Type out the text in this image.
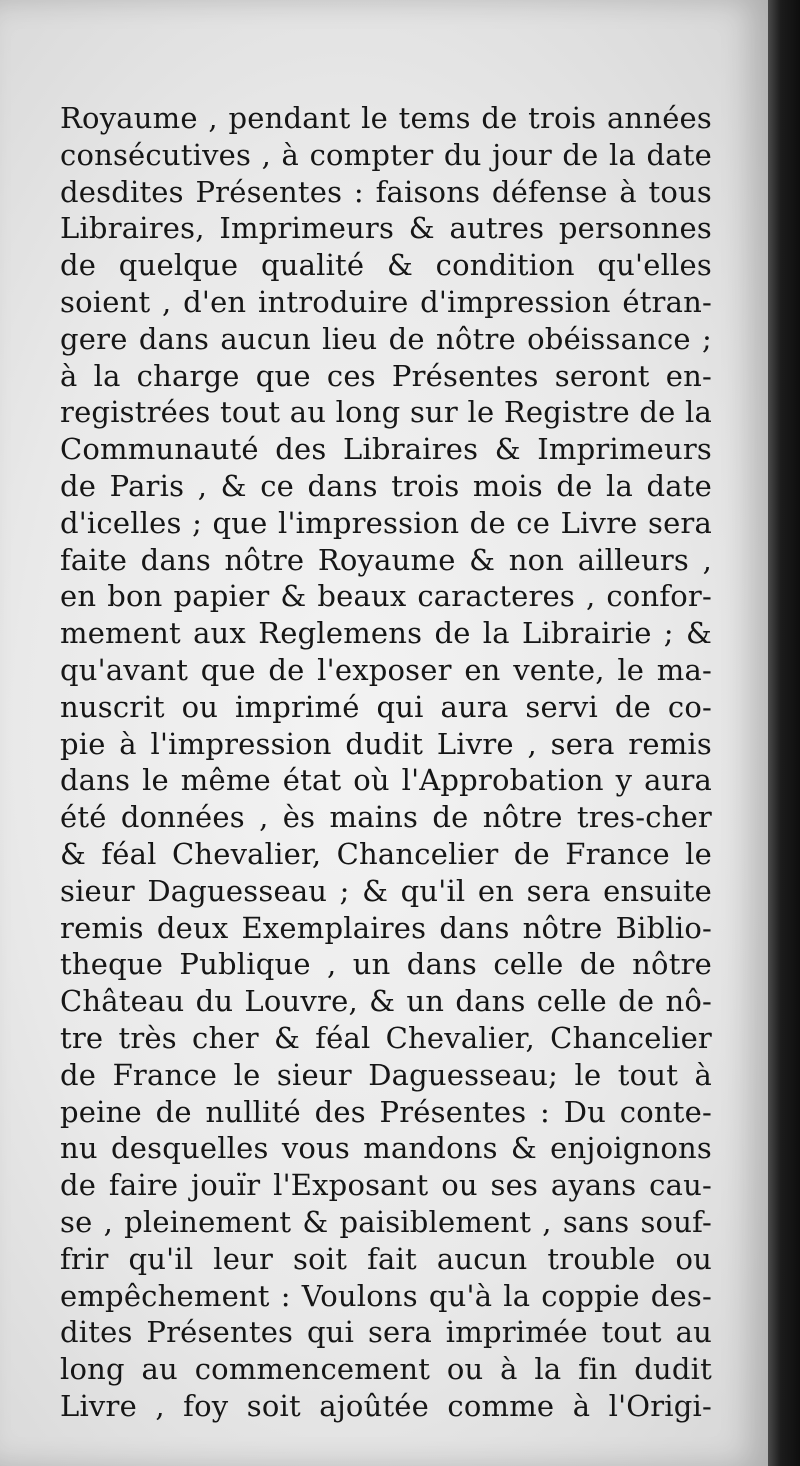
Royaume , pendant le tems de trois années
consécutives , à compter du jour de la date
desdites Présentes : faisons défense à tous
Libraires, Imprimeurs & autres personnes
de quelque qualité & condition qu'elles
soient , d'en introduire d'impression étran-
gere dans aucun lieu de nôtre obéissance ;
à la charge que ces Présentes seront en-
registrées tout au long sur le Registre de la
Communauté des Libraires & Imprimeurs
de Paris , & ce dans trois mois de la date
d'icelles ; que l'impression de ce Livre sera
faite dans nôtre Royaume & non ailleurs ,
en bon papier & beaux caracteres , confor-
mement aux Reglemens de la Librairie ; &
qu'avant que de l'exposer en vente, le ma-
nuscrit ou imprimé qui aura servi de co-
pie à l'impression dudit Livre , sera remis
dans le même état où l'Approbation y aura
été données , ès mains de nôtre tres-cher
& féal Chevalier, Chancelier de France le
sieur Daguesseau ; & qu'il en sera ensuite
remis deux Exemplaires dans nôtre Biblio-
theque Publique , un dans celle de nôtre
Château du Louvre, & un dans celle de nô-
tre très cher & féal Chevalier, Chancelier
de France le sieur Daguesseau; le tout à
peine de nullité des Présentes : Du conte-
nu desquelles vous mandons & enjoignons
de faire jouïr l'Exposant ou ses ayans cau-
se , pleinement & paisiblement , sans souf-
frir qu'il leur soit fait aucun trouble ou
empêchement : Voulons qu'à la coppie des-
dites Présentes qui sera imprimée tout au
long au commencement ou à la fin dudit
Livre , foy soit ajoûtée comme à l'Origi-
